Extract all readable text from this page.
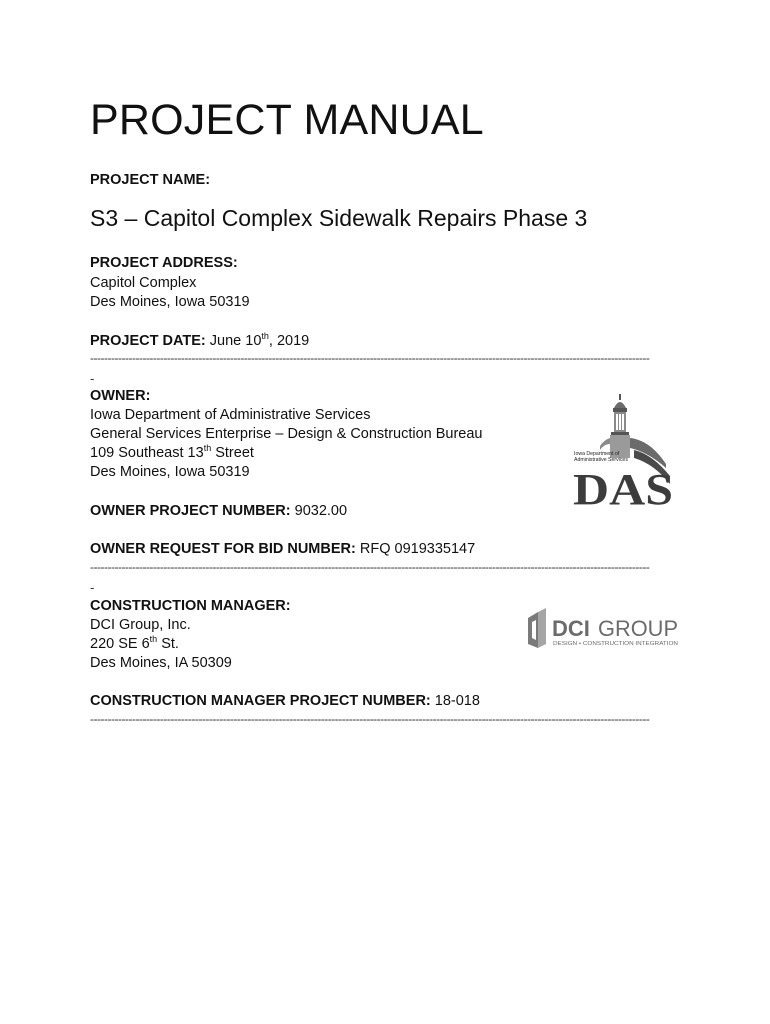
PROJECT MANUAL
PROJECT NAME:
S3 – Capitol Complex Sidewalk Repairs Phase 3
PROJECT ADDRESS:
Capitol Complex
Des Moines, Iowa 50319
PROJECT DATE: June 10th, 2019
----------------------------------------------------------------------------------------------------------------------------------------------------------------
-
OWNER:
Iowa Department of Administrative Services
General Services Enterprise – Design & Construction Bureau
109 Southeast 13th Street
Des Moines, Iowa 50319
OWNER PROJECT NUMBER: 9032.00
OWNER REQUEST FOR BID NUMBER: RFQ 0919335147
----------------------------------------------------------------------------------------------------------------------------------------------------------------
-
CONSTRUCTION MANAGER:
DCI Group, Inc.
220 SE 6th St.
Des Moines, IA 50309
CONSTRUCTION MANAGER PROJECT NUMBER: 18-018
----------------------------------------------------------------------------------------------------------------------------------------------------------------
Iowa Department of
Administrative Services
DAS
DCI GROUP
DESIGN • CONSTRUCTION INTEGRATION
